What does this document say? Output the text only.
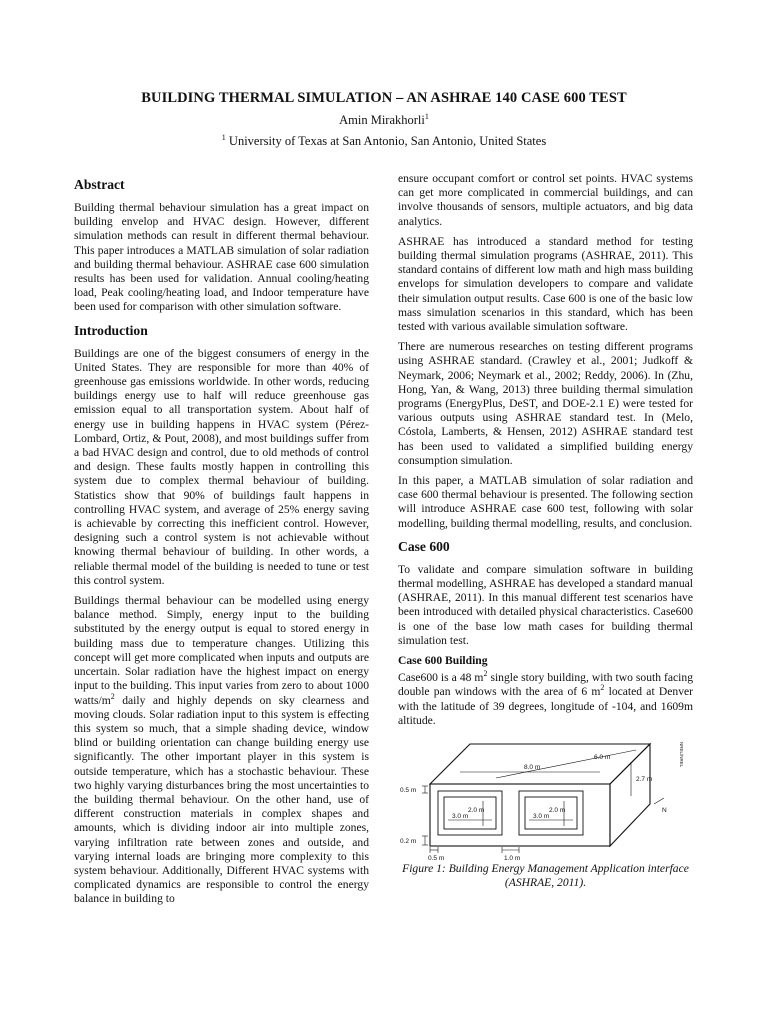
BUILDING THERMAL SIMULATION – AN ASHRAE 140 CASE 600 TEST
Amin Mirakhorli$^1$
$^1$ University of Texas at San Antonio, San Antonio, United States
Abstract

Building thermal behaviour simulation has a great impact on building envelop and HVAC design. However, different simulation methods can result in different thermal behaviour. This paper introduces a MATLAB simulation of solar radiation and building thermal behaviour. ASHRAE case 600 simulation results has been used for validation. Annual cooling/heating load, Peak cooling/heating load, and Indoor temperature have been used for comparison with other simulation software.

Introduction

Buildings are one of the biggest consumers of energy in the United States. They are responsible for more than 40% of greenhouse gas emissions worldwide. In other words, reducing buildings energy use to half will reduce greenhouse gas emission equal to all transportation system. About half of energy use in building happens in HVAC system (Pérez-Lombard, Ortiz, & Pout, 2008), and most buildings suffer from a bad HVAC design and control, due to old methods of control and design. These faults mostly happen in controlling this system due to complex thermal behaviour of building. Statistics show that 90% of buildings fault happens in controlling HVAC system, and average of 25% energy saving is achievable by correcting this inefficient control. However, designing such a control system is not achievable without knowing thermal behaviour of building. In other words, a reliable thermal model of the building is needed to tune or test this control system.

Buildings thermal behaviour can be modelled using energy balance method. Simply, energy input to the building substituted by the energy output is equal to stored energy in building mass due to temperature changes. Utilizing this concept will get more complicated when inputs and outputs are uncertain. Solar radiation have the highest impact on energy input to the building. This input varies from zero to about 1000 watts/$m^2$ daily and highly depends on sky clearness and moving clouds. Solar radiation input to this system is effecting this system so much, that a simple shading device, window blind or building orientation can change building energy use significantly. The other important player in this system is outside temperature, which has a stochastic behaviour. These two highly varying disturbances bring the most uncertainties to the building thermal behaviour. On the other hand, use of different construction materials in complex shapes and amounts, which is dividing indoor air into multiple zones, varying infiltration rate between zones and outside, and varying internal loads are bringing more complexity to this system behaviour. Additionally, Different HVAC systems with complicated dynamics are responsible to control the energy balance in building to

ensure occupant comfort or control set points. HVAC systems can get more complicated in commercial buildings, and can involve thousands of sensors, multiple actuators, and big data analytics.

ASHRAE has introduced a standard method for testing building thermal simulation programs (ASHRAE, 2011). This standard contains of different low math and high mass building envelops for simulation developers to compare and validate their simulation output results. Case 600 is one of the basic low mass simulation scenarios in this standard, which has been tested with various available simulation software.

There are numerous researches on testing different programs using ASHRAE standard. (Crawley et al., 2001; Judkoff & Neymark, 2006; Neymark et al., 2002; Reddy, 2006). In (Zhu, Hong, Yan, & Wang, 2013) three building thermal simulation programs (EnergyPlus, DeST, and DOE-2.1 E) were tested for various outputs using ASHRAE standard test. In (Melo, Cóstola, Lamberts, & Hensen, 2012) ASHRAE standard test has been used to validated a simplified building energy consumption simulation.

In this paper, a MATLAB simulation of solar radiation and case 600 thermal behaviour is presented. The following section will introduce ASHRAE case 600 test, following with solar modelling, building thermal modelling, results, and conclusion.

Case 600

To validate and compare simulation software in building thermal modelling, ASHRAE has developed a standard manual (ASHRAE, 2011). In this manual different test scenarios have been introduced with detailed physical characteristics. Case600 is one of the base low math cases for building thermal simulation test.

Case 600 Building

Case600 is a 48 $m^2$ single story building, with two south facing double pan windows with the area of 6 $m^2$ located at Denver with the latitude of 39 degrees, longitude of -104, and 1609m altitude.

8.0 m
6.0 m
2.7 m
0.5 m
0.2 m
2.0 m
3.0 m
2.0 m
3.0 m
0.5 m	1.0 m
N
NREL/NREL
Figure 1: Building Energy Management Application interface (ASHRAE, 2011).
